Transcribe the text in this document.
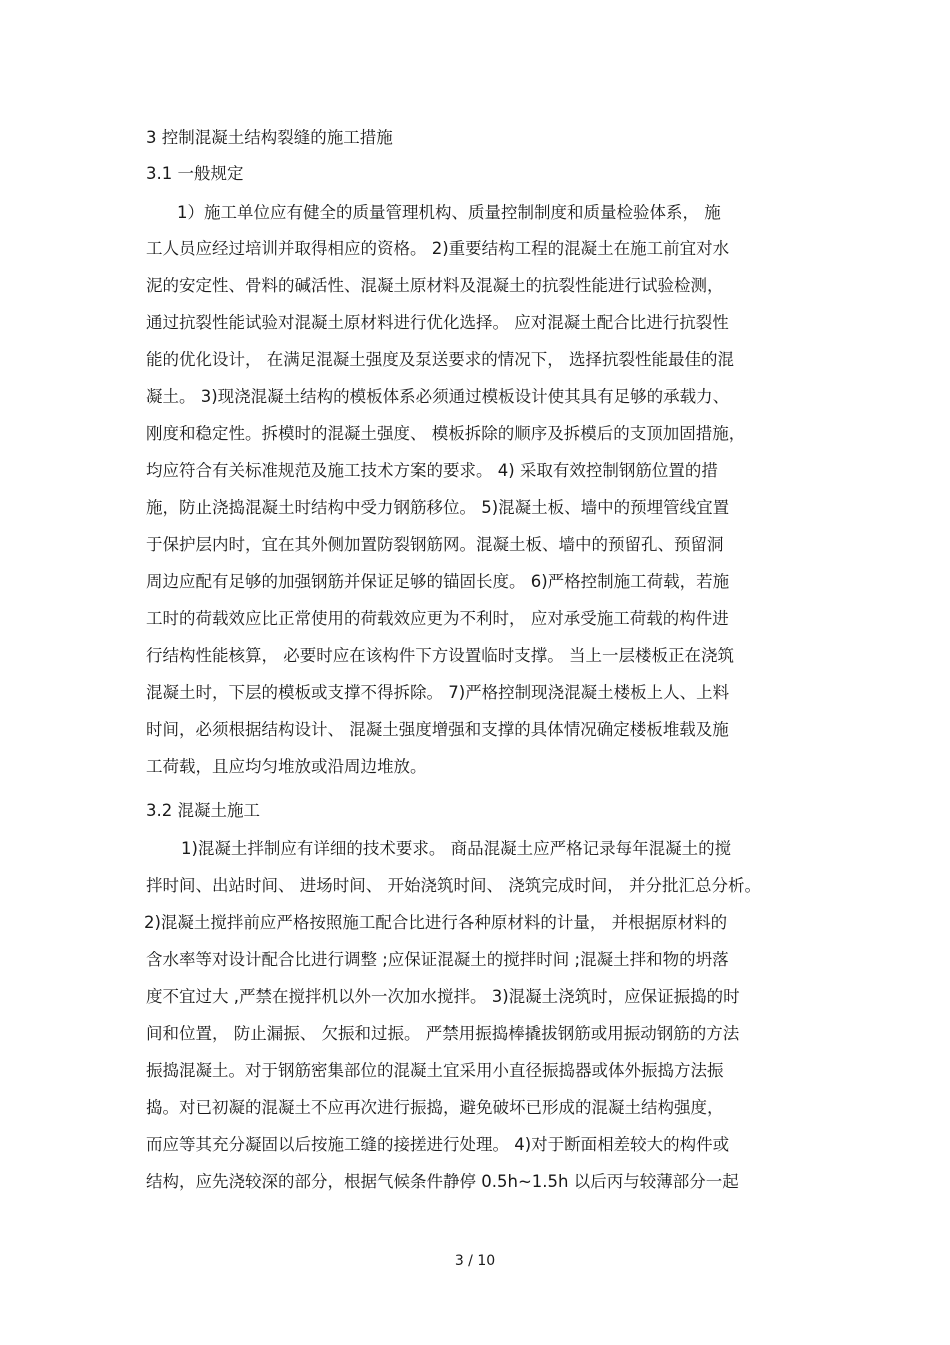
3 控制混凝土结构裂缝的施工措施
3.1 一般规定
1）施工单位应有健全的质量管理机构、质量控制制度和质量检验体系， 施
工人员应经过培训并取得相应的资格。 2)重要结构工程的混凝土在施工前宜对水
泥的安定性、骨料的碱活性、混凝土原材料及混凝土的抗裂性能进行试验检测，
通过抗裂性能试验对混凝土原材料进行优化选择。 应对混凝土配合比进行抗裂性
能的优化设计， 在满足混凝土强度及泵送要求的情况下， 选择抗裂性能最佳的混
凝土。 3)现浇混凝土结构的模板体系必须通过模板设计使其具有足够的承载力、
刚度和稳定性。拆模时的混凝土强度、 模板拆除的顺序及拆模后的支顶加固措施，
均应符合有关标准规范及施工技术方案的要求。 4) 采取有效控制钢筋位置的措
施，防止浇捣混凝土时结构中受力钢筋移位。 5)混凝土板、墙中的预埋管线宜置
于保护层内时，宜在其外侧加置防裂钢筋网。混凝土板、墙中的预留孔、预留洞
周边应配有足够的加强钢筋并保证足够的锚固长度。 6)严格控制施工荷载，若施
工时的荷载效应比正常使用的荷载效应更为不利时， 应对承受施工荷载的构件进
行结构性能核算， 必要时应在该构件下方设置临时支撑。 当上一层楼板正在浇筑
混凝土时，下层的模板或支撑不得拆除。 7)严格控制现浇混凝土楼板上人、上料
时间，必须根据结构设计、 混凝土强度增强和支撑的具体情况确定楼板堆载及施
工荷载，且应均匀堆放或沿周边堆放。
3.2 混凝土施工
1)混凝土拌制应有详细的技术要求。 商品混凝土应严格记录每年混凝土的搅
拌时间、出站时间、 进场时间、 开始浇筑时间、 浇筑完成时间， 并分批汇总分析。
2)混凝土搅拌前应严格按照施工配合比进行各种原材料的计量， 并根据原材料的
含水率等对设计配合比进行调整 ;应保证混凝土的搅拌时间 ;混凝土拌和物的坍落
度不宜过大 ,严禁在搅拌机以外一次加水搅拌。 3)混凝土浇筑时，应保证振捣的时
间和位置， 防止漏振、 欠振和过振。 严禁用振捣棒撬拔钢筋或用振动钢筋的方法
振捣混凝土。对于钢筋密集部位的混凝土宜采用小直径振捣器或体外振捣方法振
捣。对已初凝的混凝土不应再次进行振捣，避免破坏已形成的混凝土结构强度，
而应等其充分凝固以后按施工缝的接搓进行处理。 4)对于断面相差较大的构件或
结构，应先浇较深的部分，根据气候条件静停 0.5h~1.5h 以后丙与较薄部分一起
3 / 10
